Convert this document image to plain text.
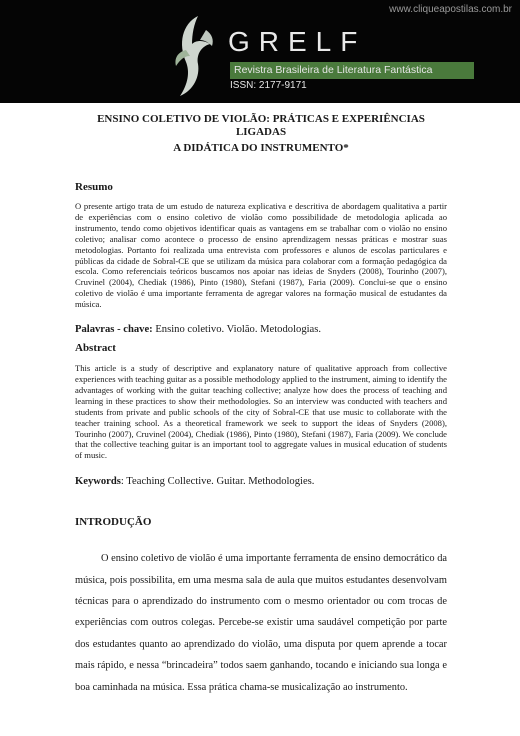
www.cliqueapostilas.com.br
GRELF
Revistra Brasileira de Literatura Fantástica
ISSN: 2177-9171

ENSINO COLETIVO DE VIOLÃO: PRÁTICAS E EXPERIÊNCIAS LIGADAS

A DIDÁTICA DO INSTRUMENTO*

Resumo

O presente artigo trata de um estudo de natureza explicativa e descritiva de abordagem qualitativa a partir de experiências com o ensino coletivo de violão como possibilidade de metodologia aplicada ao instrumento, tendo como objetivos identificar quais as vantagens em se trabalhar com o violão no ensino coletivo; analisar como acontece o processo de ensino aprendizagem nessas práticas e mostrar suas metodologias. Portanto foi realizada uma entrevista com professores e alunos de escolas particulares e públicas da cidade de Sobral-CE que se utilizam da música para colaborar com a formação pedagógica da escola. Como referenciais teóricos buscamos nos apoiar nas ideias de Snyders (2008), Tourinho (2007), Cruvinel (2004), Chediak (1986), Pinto (1980), Stefani (1987), Faria (2009). Conclui-se que o ensino coletivo de violão é uma importante ferramenta de agregar valores na formação musical de estudantes da música.

Palavras - chave: Ensino coletivo. Violão. Metodologias.

Abstract

This article is a study of descriptive and explanatory nature of qualitative approach from collective experiences with teaching guitar as a possible methodology applied to the instrument, aiming to identify the advantages of working with the guitar teaching collective; analyze how does the process of teaching and learning in these practices to show their methodologies. So an interview was conducted with teachers and students from private and public schools of the city of Sobral-CE that use music to collaborate with the teacher training school. As a theoretical framework we seek to support the ideas of Snyders (2008), Tourinho (2007), Cruvinel (2004), Chediak (1986), Pinto (1980), Stefani (1987), Faria (2009). We conclude that the collective teaching guitar is an important tool to aggregate values in musical education of students of music.

Keywords: Teaching Collective. Guitar. Methodologies.

INTRODUÇÃO

O ensino coletivo de violão é uma importante ferramenta de ensino democrático da música, pois possibilita, em uma mesma sala de aula que muitos estudantes desenvolvam técnicas para o aprendizado do instrumento com o mesmo orientador ou com trocas de experiências com outros colegas. Percebe-se existir uma saudável competição por parte dos estudantes quanto ao aprendizado do violão, uma disputa por quem aprende a tocar mais rápido, e nessa “brincadeira” todos saem ganhando, tocando e iniciando sua longa e boa caminhada na música. Essa prática chama-se musicalização ao instrumento.
